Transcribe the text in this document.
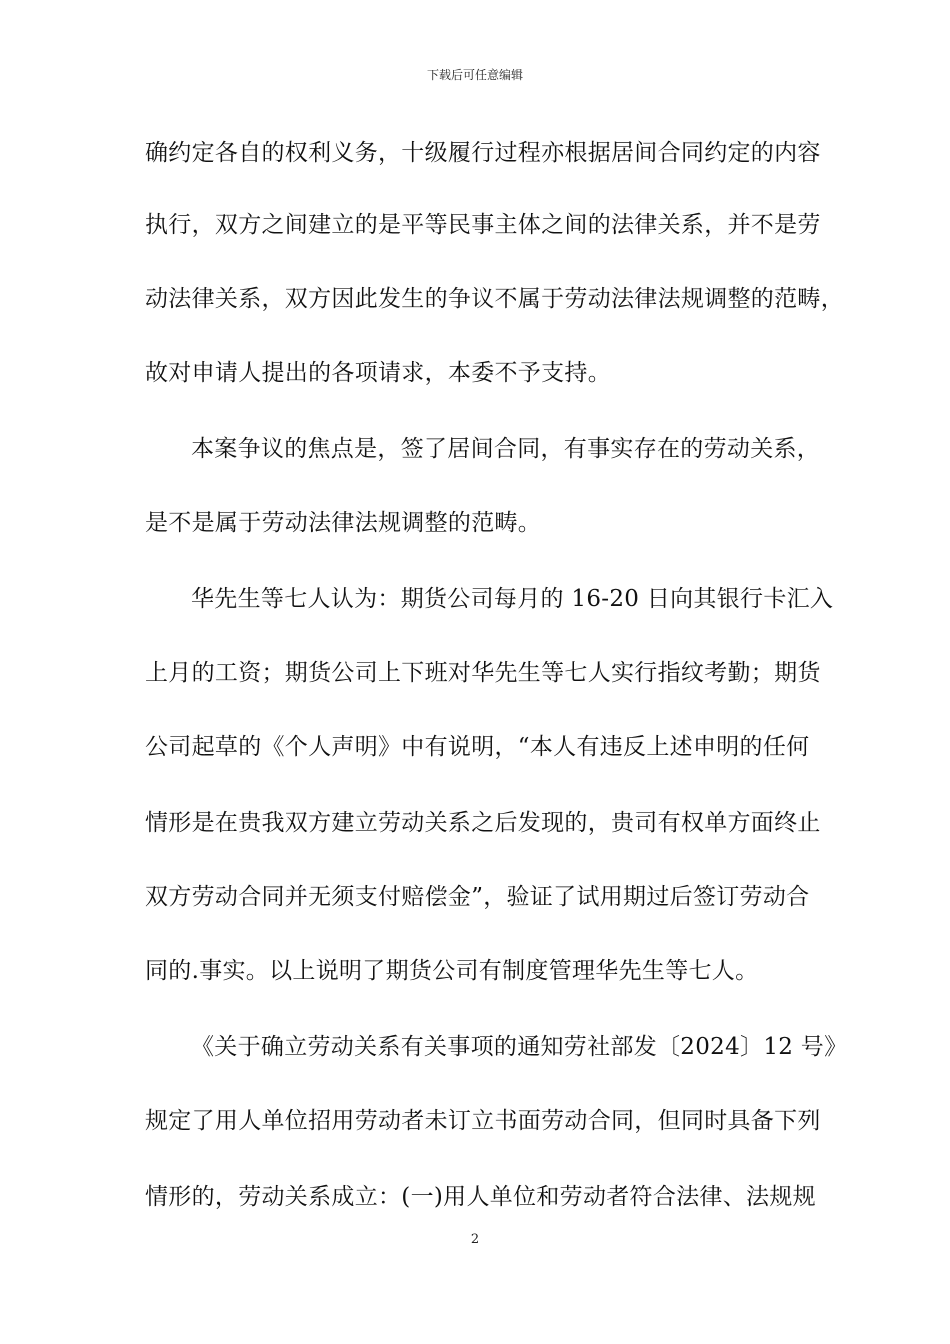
下载后可任意编辑
确约定各自的权利义务，十级履行过程亦根据居间合同约定的内容
执行，双方之间建立的是平等民事主体之间的法律关系，并不是劳
动法律关系，双方因此发生的争议不属于劳动法律法规调整的范畴，
故对申请人提出的各项请求，本委不予支持。
本案争议的焦点是，签了居间合同，有事实存在的劳动关系，
是不是属于劳动法律法规调整的范畴。
华先生等七人认为：期货公司每月的 16-20 日向其银行卡汇入
上月的工资；期货公司上下班对华先生等七人实行指纹考勤；期货
公司起草的《个人声明》中有说明，“本人有违反上述申明的任何
情形是在贵我双方建立劳动关系之后发现的，贵司有权单方面终止
双方劳动合同并无须支付赔偿金”，验证了试用期过后签订劳动合
同的.事实。以上说明了期货公司有制度管理华先生等七人。
《关于确立劳动关系有关事项的通知劳社部发〔2024〕12 号》
规定了用人单位招用劳动者未订立书面劳动合同，但同时具备下列
情形的，劳动关系成立：(一)用人单位和劳动者符合法律、法规规
2
